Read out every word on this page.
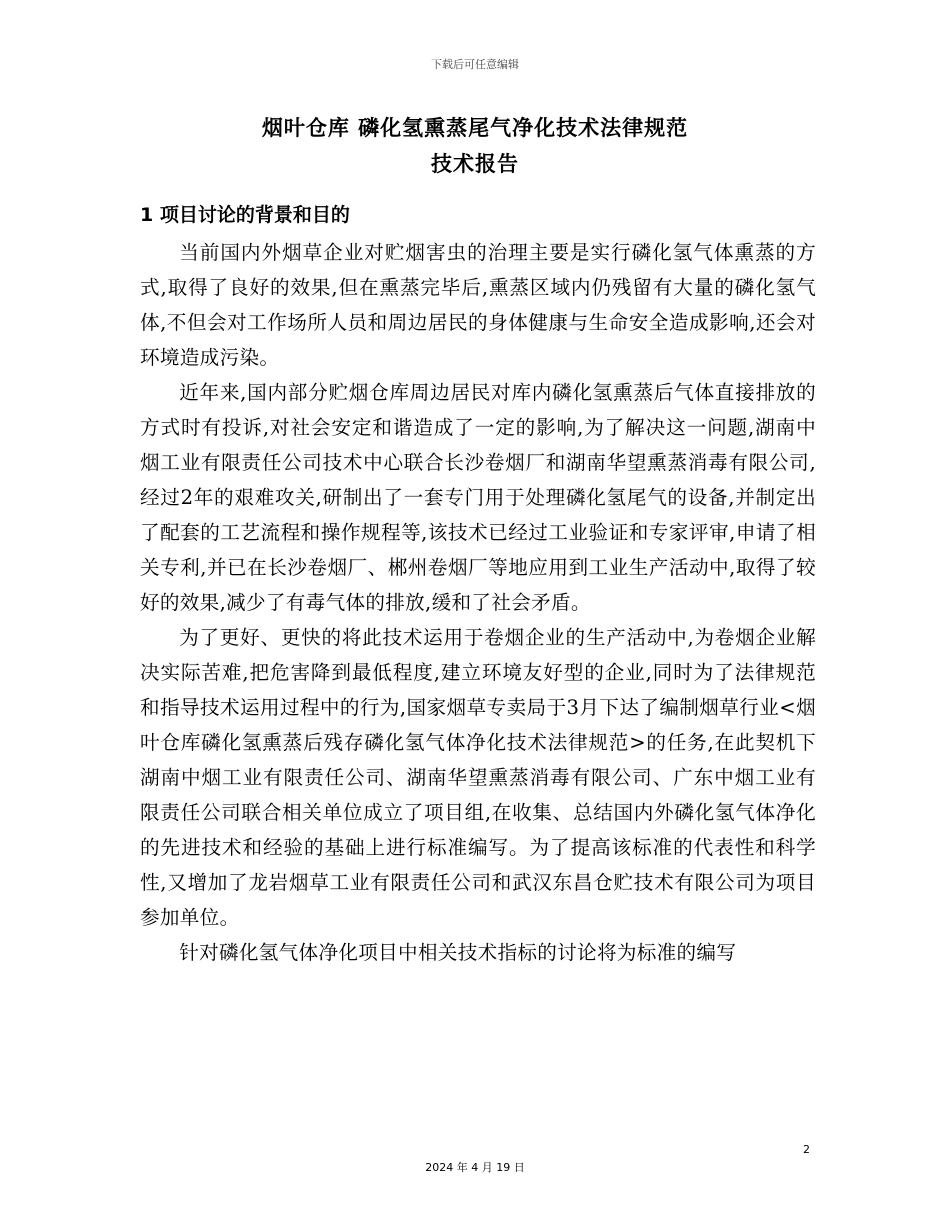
下载后可任意编辑
烟叶仓库 磷化氢熏蒸尾气净化技术法律规范
技术报告
1 项目讨论的背景和目的

当前国内外烟草企业对贮烟害虫的治理主要是实行磷化氢气体熏蒸的方式,取得了良好的效果,但在熏蒸完毕后,熏蒸区域内仍残留有大量的磷化氢气体,不但会对工作场所人员和周边居民的身体健康与生命安全造成影响,还会对环境造成污染。

近年来,国内部分贮烟仓库周边居民对库内磷化氢熏蒸后气体直接排放的方式时有投诉,对社会安定和谐造成了一定的影响,为了解决这一问题,湖南中烟工业有限责任公司技术中心联合长沙卷烟厂和湖南华望熏蒸消毒有限公司,经过2年的艰难攻关,研制出了一套专门用于处理磷化氢尾气的设备,并制定出了配套的工艺流程和操作规程等,该技术已经过工业验证和专家评审,申请了相关专利,并已在长沙卷烟厂、郴州卷烟厂等地应用到工业生产活动中,取得了较好的效果,减少了有毒气体的排放,缓和了社会矛盾。

为了更好、更快的将此技术运用于卷烟企业的生产活动中,为卷烟企业解决实际苦难,把危害降到最低程度,建立环境友好型的企业,同时为了法律规范和指导技术运用过程中的行为,国家烟草专卖局于3月下达了编制烟草行业<烟叶仓库磷化氢熏蒸后残存磷化氢气体净化技术法律规范>的任务,在此契机下湖南中烟工业有限责任公司、湖南华望熏蒸消毒有限公司、广东中烟工业有限责任公司联合相关单位成立了项目组,在收集、总结国内外磷化氢气体净化的先进技术和经验的基础上进行标准编写。为了提高该标准的代表性和科学性,又增加了龙岩烟草工业有限责任公司和武汉东昌仓贮技术有限公司为项目参加单位。

针对磷化氢气体净化项目中相关技术指标的讨论将为标准的编写

2
2024 年 4 月 19 日
